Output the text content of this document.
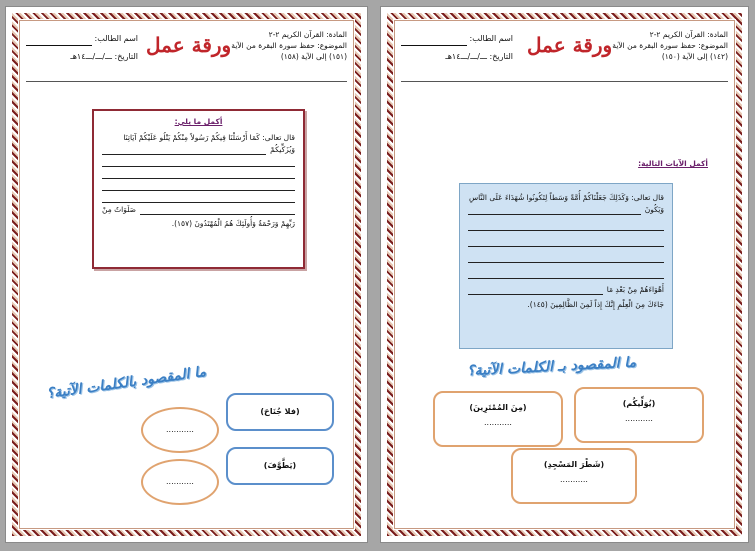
المادة: القرآن الكريم ٢-٢
الموضوع: حفظ سورة البقرة من الآية
(١٥١) إلى الآية (١٥٨)
ورقة عمل
اسم الطالب:
التاريخ: ـــ/ـــ/ـــ١٤هـ
أكمل ما يلي:
قال تعالى: كَمَا أَرْسَلْنَا فِيكُمْ رَسُولاً مِنْكُمْ يَتْلُو عَلَيْكُمْ آيَاتِنَا
وَيُزَكِّيكُمْ
صَلَوَاتٌ مِنْ
رَبِّهِمْ وَرَحْمَةٌ وَأُولَئِكَ هُمُ الْمُهْتَدُونَ (١٥٧).
ما المقصود بالكلمات الآتية؟
(فلا جُنَاحَ)
(يَطَّوَّفَ)
...........
...........
المادة: القرآن الكريم ٢-٢
الموضوع: حفظ سورة البقرة من الآية
(١٤٢) إلى الآية (١٥٠)
ورقة عمل
اسم الطالب:
التاريخ: ـــ/ـــ/ـــ١٤هـ
أكمل الآيات التالية:
قال تعالى: وَكَذَلِكَ جَعَلْنَاكُمْ أُمَّةً وَسَطاً لِتَكُونُوا شُهَدَاءَ عَلَى النَّاسِ
وَيَكُونَ
أَهْوَاءَهُمْ مِنْ بَعْدِ مَا
جَاءَكَ مِنَ الْعِلْمِ إِنَّكَ إِذاً لَمِنَ الظَّالِمِينَ (١٤٥).
ما المقصود بـ الكلمات الآتية؟
(يُوَلِّيكُم)
...........
(مِنَ المُمْتَرِينَ)
...........
(شَطْرَ المَسْجِدِ)
...........
